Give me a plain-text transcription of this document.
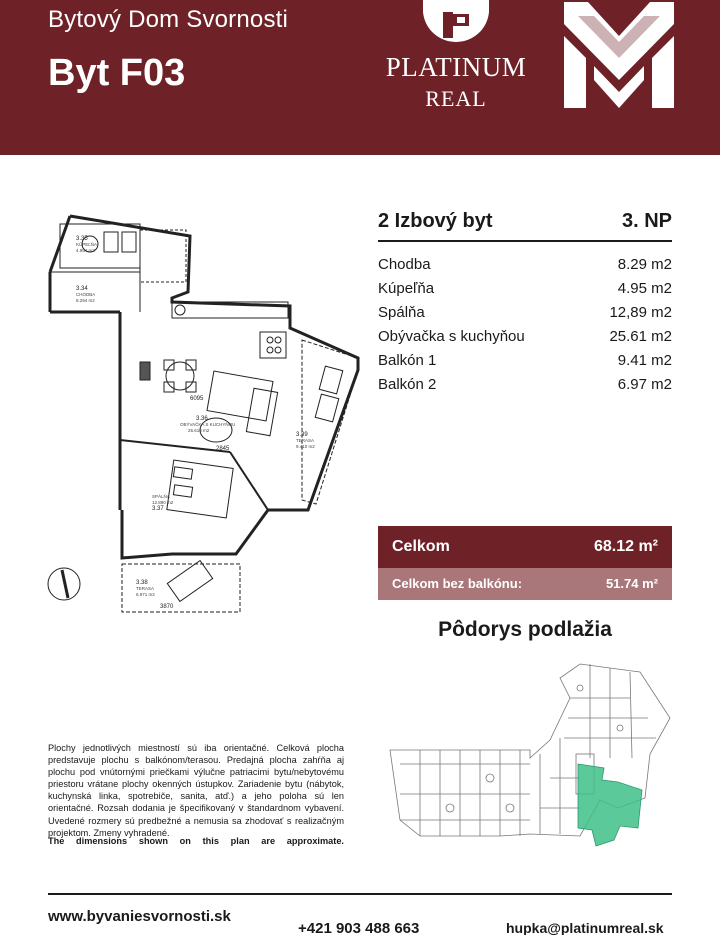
Bytový Dom Svornosti
Byt F03	PLATINUM
REAL
3.35
3.34
3.36
3.37
3.38
3.39
6095
3870
2845
CHODBA
8.294 m2
KÚPEĽŇA
4.954 m2
OBÝVAČKA S KUCHYŇOU
25.613 m2
SPÁLŇA
12.890 m2
TERASA
6.971 m2
TERASA
9.410 m2
2 Izbový byt	3. NP
Chodba	8.29 m2
Kúpeľňa	4.95 m2
Spálňa	12,89 m2
Obývačka s kuchyňou	25.61 m2
Balkón 1	9.41 m2
Balkón 2	6.97 m2
Celkom	68.12 m²
Celkom bez balkónu:	51.74 m²
Pôdorys podlažia
Plochy jednotlivých miestností sú iba orientačné. Celková plocha predstavuje plochu s balkónom/terasou. Predajná plocha zahŕňa aj plochu pod vnútornými priečkami výlučne patriacimi bytu/nebytovému priestoru vrátane plochy okenných ústupkov. Zariadenie bytu (nábytok, kuchynská linka, spotrebiče, sanita, atď.) a jeho poloha sú len orientačné. Rozsah dodania je špecifikovaný v štandardnom vybavení. Uvedené rozmery sú predbežné a nemusia sa zhodovať s realizačným projektom. Zmeny vyhradené.
The dimensions shown on this plan are approximate.
www.byvaniesvornosti.sk
+421 903 488 663	hupka@platinumreal.sk
